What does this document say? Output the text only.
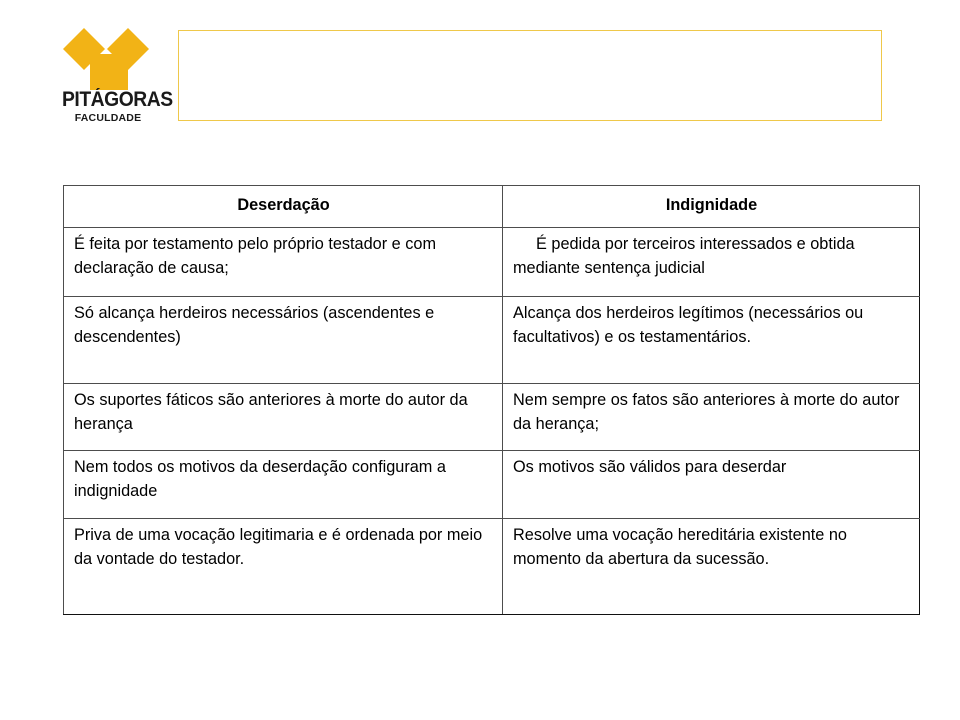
PITÁGORAS
FACULDADE
Deserdação	Indignidade
É feita por testamento pelo próprio testador e com declaração de causa;	É pedida por terceiros interessados e obtida mediante sentença judicial
Só alcança herdeiros necessários (ascendentes e descendentes)	Alcança dos herdeiros legítimos (necessários ou facultativos) e os testamentários.
Os suportes fáticos são anteriores à morte do autor da herança	Nem sempre os fatos são anteriores à morte do autor da herança;
Nem todos os motivos da deserdação configuram a indignidade	Os motivos são válidos para deserdar
Priva de uma vocação legitimaria e é ordenada por meio da vontade do testador.	Resolve uma vocação hereditária existente no momento da abertura da sucessão.
